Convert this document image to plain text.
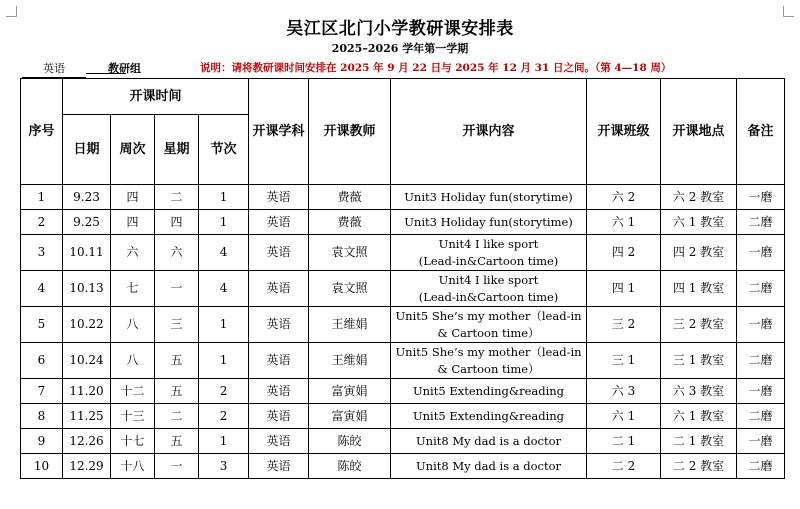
吴江区北门小学教研课安排表
2025–2026 学年第一学期
英语	教研组	说明：请将教研课时间安排在 2025 年 9 月 22 日与 2025 年 12 月 31 日之间。（第 4—18 周）
序号	开课时间				开课学科	开课教师	开课内容	开课班级	开课地点	备注
	日期	周次	星期	节次						
1	9.23	四	二	1	英语	费薇	Unit3 Holiday fun(storytime)	六 2	六 2 教室	一磨
2	9.25	四	四	1	英语	费薇	Unit3 Holiday fun(storytime)	六 1	六 1 教室	二磨
3	10.11	六	六	4	英语	袁文照	Unit4 I like sport
(Lead-in&Cartoon time)	四 2	四 2 教室	一磨
4	10.13	七	一	4	英语	袁文照	Unit4 I like sport
(Lead-in&Cartoon time)	四 1	四 1 教室	二磨
5	10.22	八	三	1	英语	王维娟	Unit5 She’s my mother（lead-in
& Cartoon time）	三 2	三 2 教室	一磨
6	10.24	八	五	1	英语	王维娟	Unit5 She’s my mother（lead-in
& Cartoon time）	三 1	三 1 教室	二磨
7	11.20	十二	五	2	英语	富寅娟	Unit5 Extending&reading	六 3	六 3 教室	一磨
8	11.25	十三	二	2	英语	富寅娟	Unit5 Extending&reading	六 1	六 1 教室	二磨
9	12.26	十七	五	1	英语	陈皎	Unit8 My dad is a doctor	二 1	二 1 教室	一磨
10	12.29	十八	一	3	英语	陈皎	Unit8 My dad is a doctor	二 2	二 2 教室	二磨
